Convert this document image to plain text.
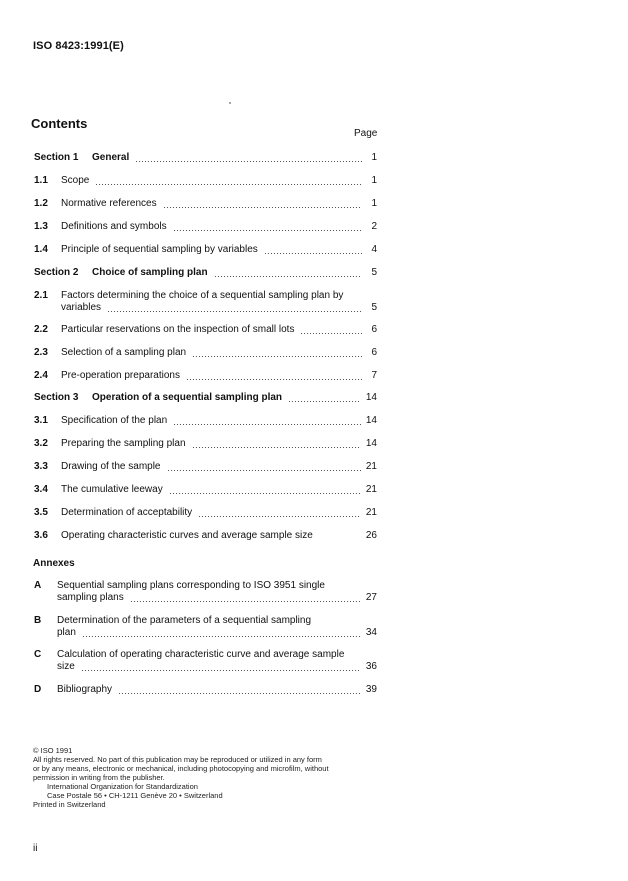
ISO 8423:1991(E)
Contents
Page
Section 1	General	1
1.1	Scope	1
1.2	Normative references	1
1.3	Definitions and symbols	2
1.4	Principle of sequential sampling by variables	4
Section 2	Choice of sampling plan	5
2.1	Factors determining the choice of a sequential sampling plan by
variables	5
2.2	Particular reservations on the inspection of small lots	6
2.3	Selection of a sampling plan	6
2.4	Pre-operation preparations	7
Section 3	Operation of a sequential sampling plan	14
3.1	Specification of the plan	14
3.2	Preparing the sampling plan	14
3.3	Drawing of the sample	21
3.4	The cumulative leeway	21
3.5	Determination of acceptability	21
3.6	Operating characteristic curves and average sample size	26
Annexes
A	Sequential sampling plans corresponding to ISO 3951 single
sampling plans	27
B	Determination of the parameters of a sequential sampling
plan	34
C	Calculation of operating characteristic curve and average sample
size	36
D	Bibliography	39
© ISO 1991
All rights reserved. No part of this publication may be reproduced or utilized in any form
or by any means, electronic or mechanical, including photocopying and microfilm, without
permission in writing from the publisher.
International Organization for Standardization
Case Postale 56 • CH-1211 Genève 20 • Switzerland
Printed in Switzerland
ii
